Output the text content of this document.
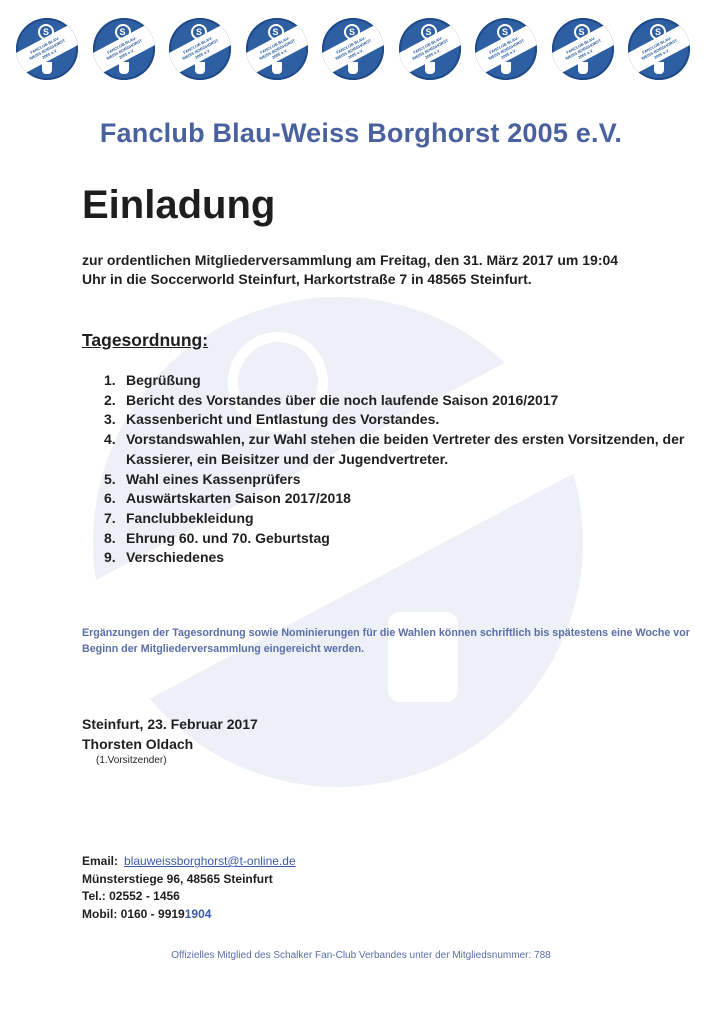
S
FANCLUB BLAU-WEISS BORGHORST 2005 e.V.
S
FANCLUB BLAU-WEISS BORGHORST 2005 e.V.
S
FANCLUB BLAU-WEISS BORGHORST 2005 e.V.
S
FANCLUB BLAU-WEISS BORGHORST 2005 e.V.
S
FANCLUB BLAU-WEISS BORGHORST 2005 e.V.
S
FANCLUB BLAU-WEISS BORGHORST 2005 e.V.
S
FANCLUB BLAU-WEISS BORGHORST 2005 e.V.
S
FANCLUB BLAU-WEISS BORGHORST 2005 e.V.
S
FANCLUB BLAU-WEISS BORGHORST 2005 e.V.
Fanclub Blau-Weiss Borghorst 2005 e.V.
Einladung
zur ordentlichen Mitgliederversammlung am Freitag, den 31. März 2017 um 19:04 Uhr in die Soccerworld Steinfurt, Harkortstraße 7 in 48565 Steinfurt.
Tagesordnung:
1. Begrüßung
2. Bericht des Vorstandes über die noch laufende Saison 2016/2017
3. Kassenbericht und Entlastung des Vorstandes.
4. Vorstandswahlen, zur Wahl stehen die beiden Vertreter des ersten Vorsitzenden, der Kassierer, ein Beisitzer und der Jugendvertreter.
5. Wahl eines Kassenprüfers
6. Auswärtskarten Saison 2017/2018
7. Fanclubbekleidung
8. Ehrung 60. und 70. Geburtstag
9. Verschiedenes
Ergänzungen der Tagesordnung sowie Nominierungen für die Wahlen können schriftlich bis spätestens eine Woche vor Beginn der Mitgliederversammlung eingereicht werden.
Steinfurt, 23. Februar 2017
Thorsten Oldach
(1.Vorsitzender)
Email: blauweissborghorst@t-online.de
Münsterstiege 96, 48565 Steinfurt
Tel.: 02552 - 1456
Mobil: 0160 - 99191904
Offizielles Mitglied des Schalker Fan-Club Verbandes unter der Mitgliedsnummer: 788
